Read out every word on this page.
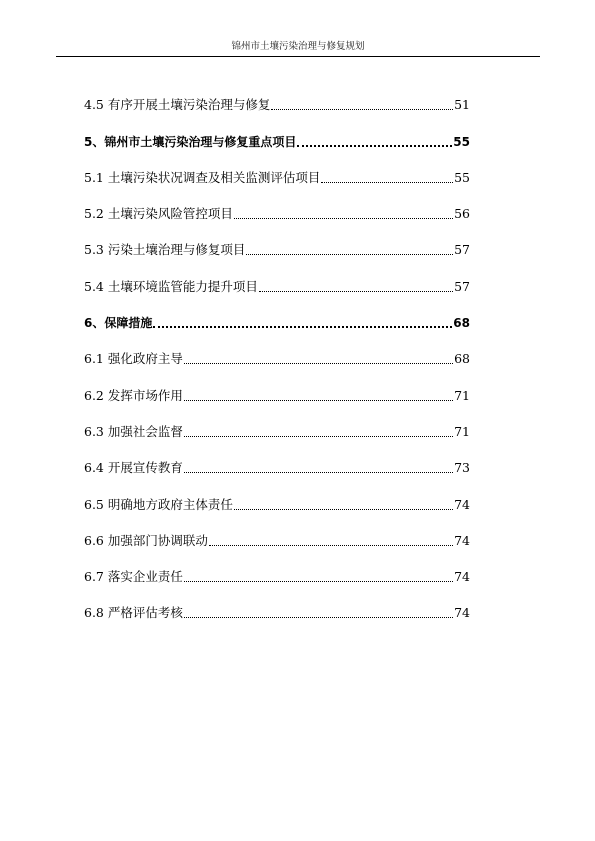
锦州市土壤污染治理与修复规划
4.5 有序开展土壤污染治理与修复	51
5、锦州市土壤污染治理与修复重点项目	55
5.1 土壤污染状况调查及相关监测评估项目	55
5.2 土壤污染风险管控项目	56
5.3 污染土壤治理与修复项目	57
5.4 土壤环境监管能力提升项目	57
6、保障措施	68
6.1 强化政府主导	68
6.2 发挥市场作用	71
6.3 加强社会监督	71
6.4 开展宣传教育	73
6.5 明确地方政府主体责任	74
6.6 加强部门协调联动	74
6.7 落实企业责任	74
6.8 严格评估考核	74
